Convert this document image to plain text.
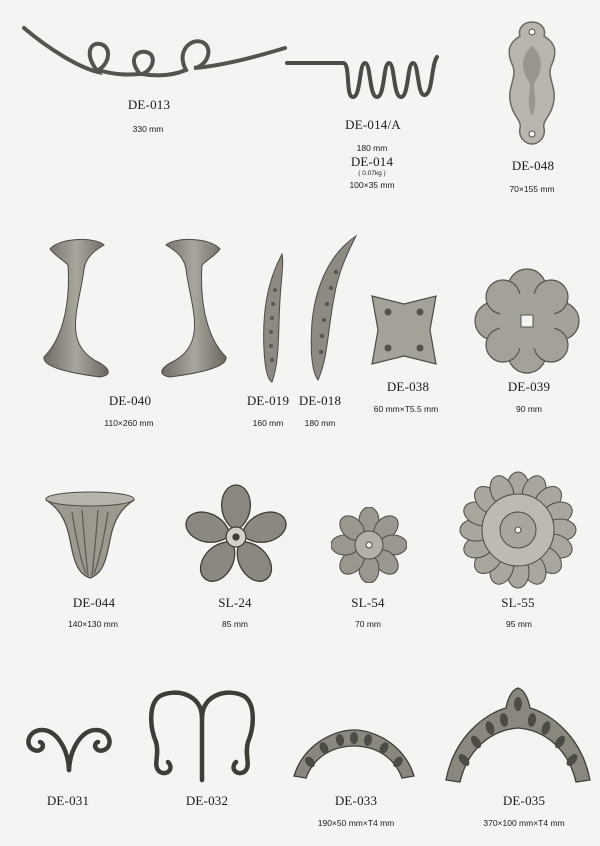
DE-013
330 mm	DE-014/A
180 mm
DE-014
( 0.07kg )
100×35 mm
DE-048
70×155 mm
DE-040
110×260 mm
DE-019
160 mm
DE-018
180 mm
DE-038
60 mm×T5.5 mm
DE-039
90 mm
DE-044
140×130 mm
SL-24
85 mm
SL-54
70 mm
SL-55
95 mm
DE-031	DE-032	DE-033
190×50 mm×T4 mm
DE-035
370×100 mm×T4 mm
